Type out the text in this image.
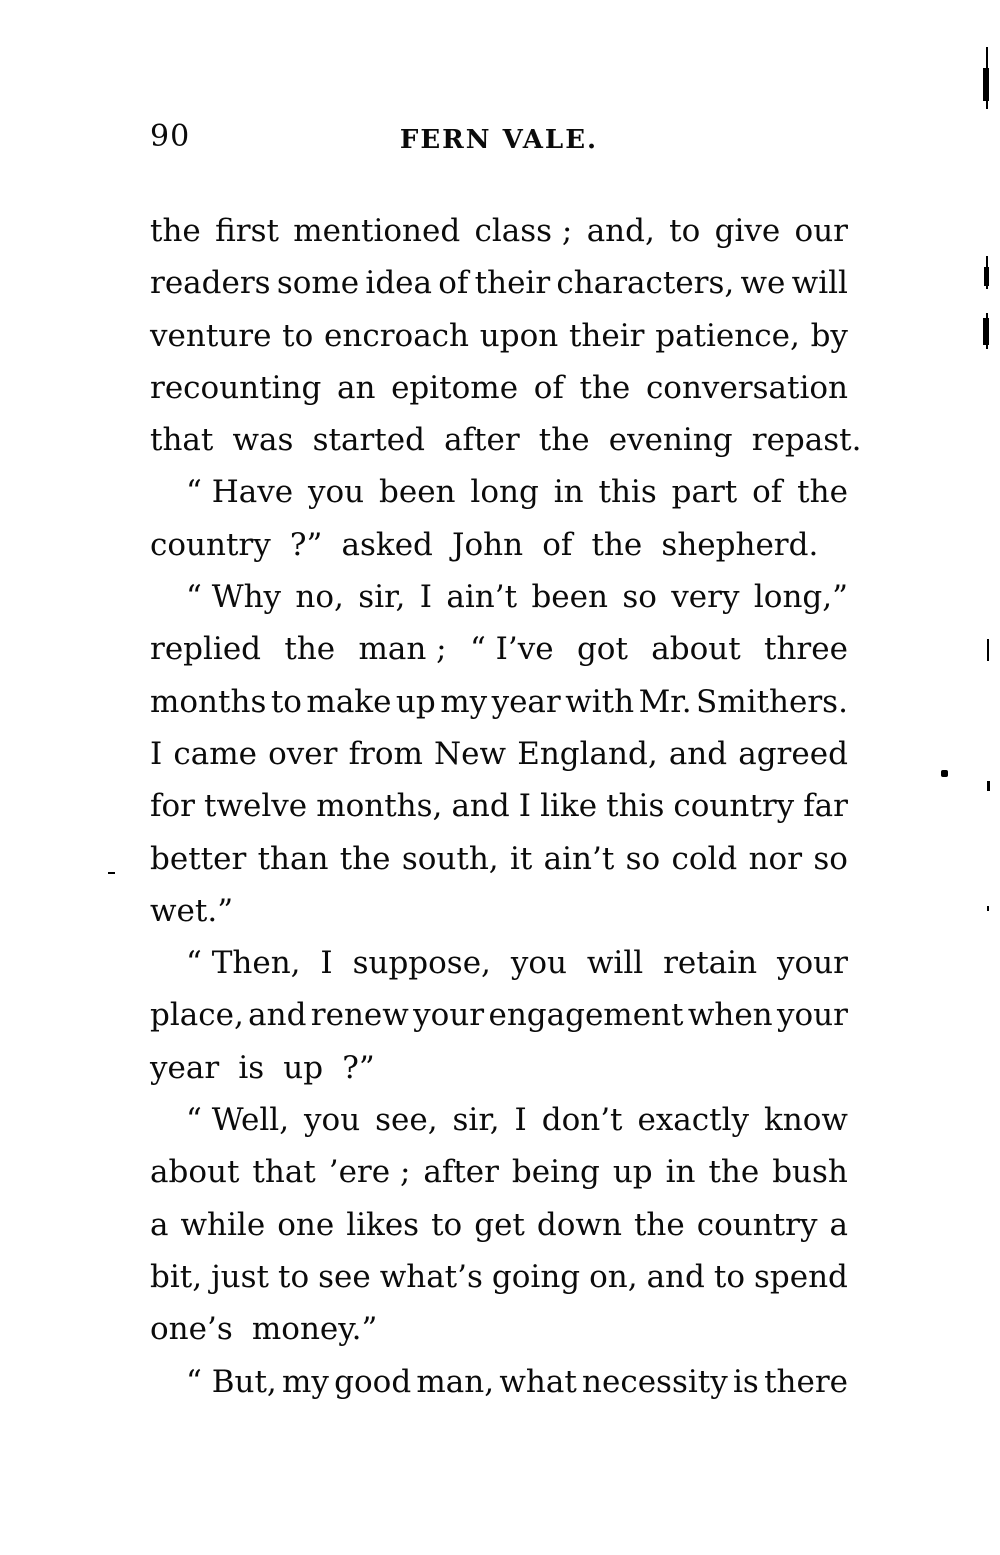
90	FERN VALE.
the first mentioned class ; and, to give our
readers some idea of their characters, we will
venture to encroach upon their patience, by
recounting an epitome of the conversation
that was started after the evening repast.
“ Have you been long in this part of the
country ?” asked John of the shepherd.
“ Why no, sir, I ain’t been so very long,”
replied the man ; “ I’ve got about three
months to make up my year with Mr. Smithers.
I came over from New England, and agreed
for twelve months, and I like this country far
better than the south, it ain’t so cold nor so
wet.”
“ Then, I suppose, you will retain your
place, and renew your engagement when your
year is up ?”
“ Well, you see, sir, I don’t exactly know
about that ’ere ; after being up in the bush
a while one likes to get down the country a
bit, just to see what’s going on, and to spend
one’s money.”
“ But, my good man, what necessity is there
